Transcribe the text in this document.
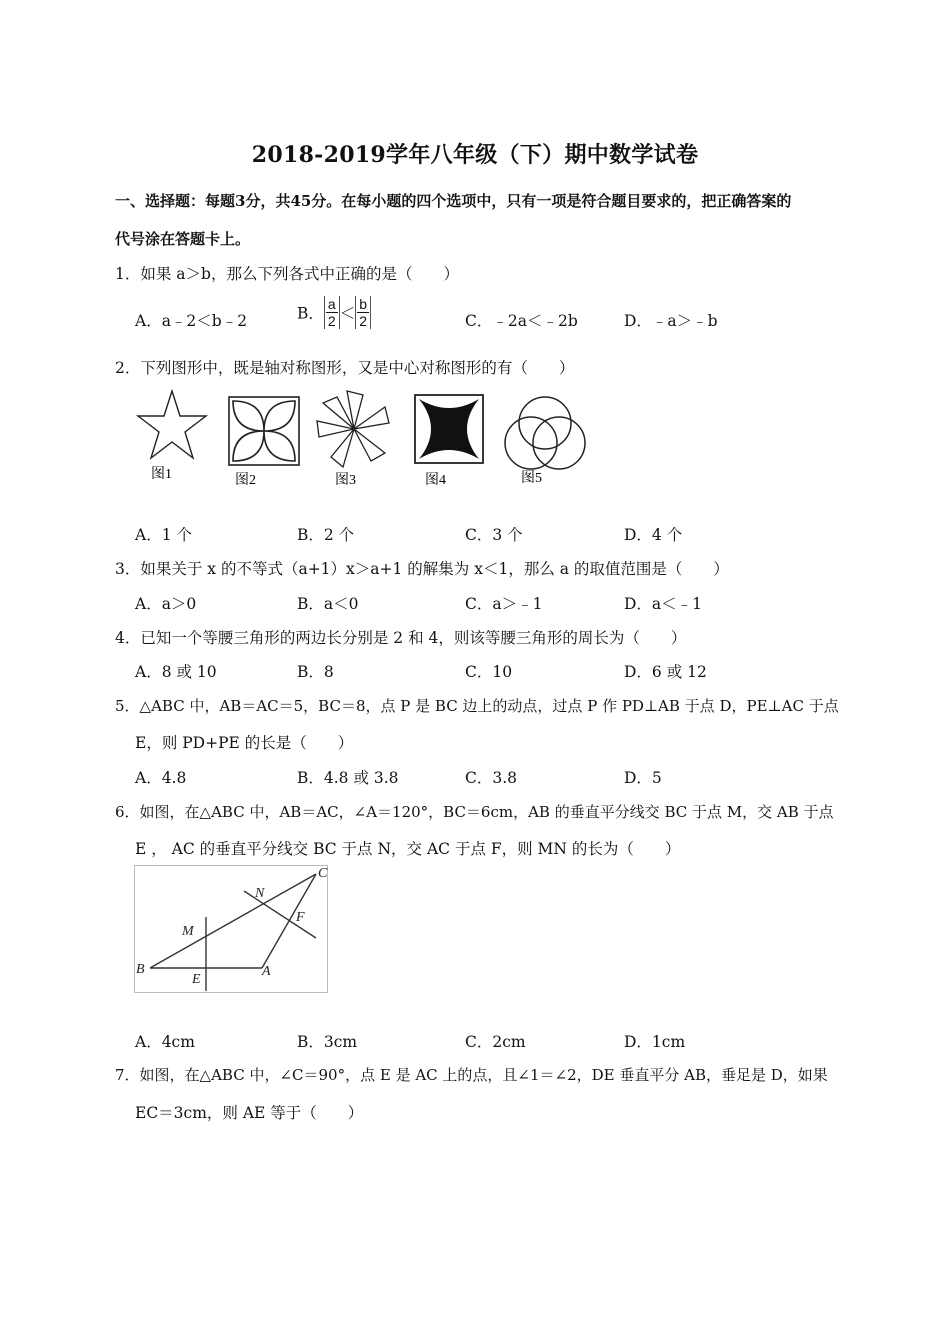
2018-2019学年八年级（下）期中数学试卷
一、选择题：每题3分，共45分。在每小题的四个选项中，只有一项是符合题目要求的，把正确答案的
代号涂在答题卡上。
1．如果 a＞b，那么下列各式中正确的是（　　）
A．a﹣2＜b﹣2	B． $\frac{a}{2} < \frac{b}{2}$	C．﹣2a＜﹣2b	D．﹣a＞﹣b
2．下列图形中，既是轴对称图形，又是中心对称图形的有（　　）
图1	图2	图3	图4	图5
A．1 个	B．2 个	C．3 个	D．4 个
3．如果关于 x 的不等式（a+1）x＞a+1 的解集为 x＜1，那么 a 的取值范围是（　　）
A．a＞0	B．a＜0	C．a＞﹣1	D．a＜﹣1
4．已知一个等腰三角形的两边长分别是 2 和 4，则该等腰三角形的周长为（　　）
A．8 或 10	B．8	C．10	D．6 或 12
5．△ABC 中，AB＝AC＝5，BC＝8，点 P 是 BC 边上的动点，过点 P 作 PD⊥AB 于点 D，PE⊥AC 于点
E，则 PD+PE 的长是（　　）
A．4.8	B．4.8 或 3.8	C．3.8	D．5
6．如图，在△ABC 中，AB＝AC，∠A＝120°，BC＝6cm，AB 的垂直平分线交 BC 于点 M，交 AB 于点
E ， AC 的垂直平分线交 BC 于点 N，交 AC 于点 F，则 MN 的长为（　　）
C
N
F
M
B
E
A
A．4cm	B．3cm	C．2cm	D．1cm
7．如图，在△ABC 中，∠C＝90°，点 E 是 AC 上的点，且∠1＝∠2，DE 垂直平分 AB，垂足是 D，如果
EC＝3cm，则 AE 等于（　　）
